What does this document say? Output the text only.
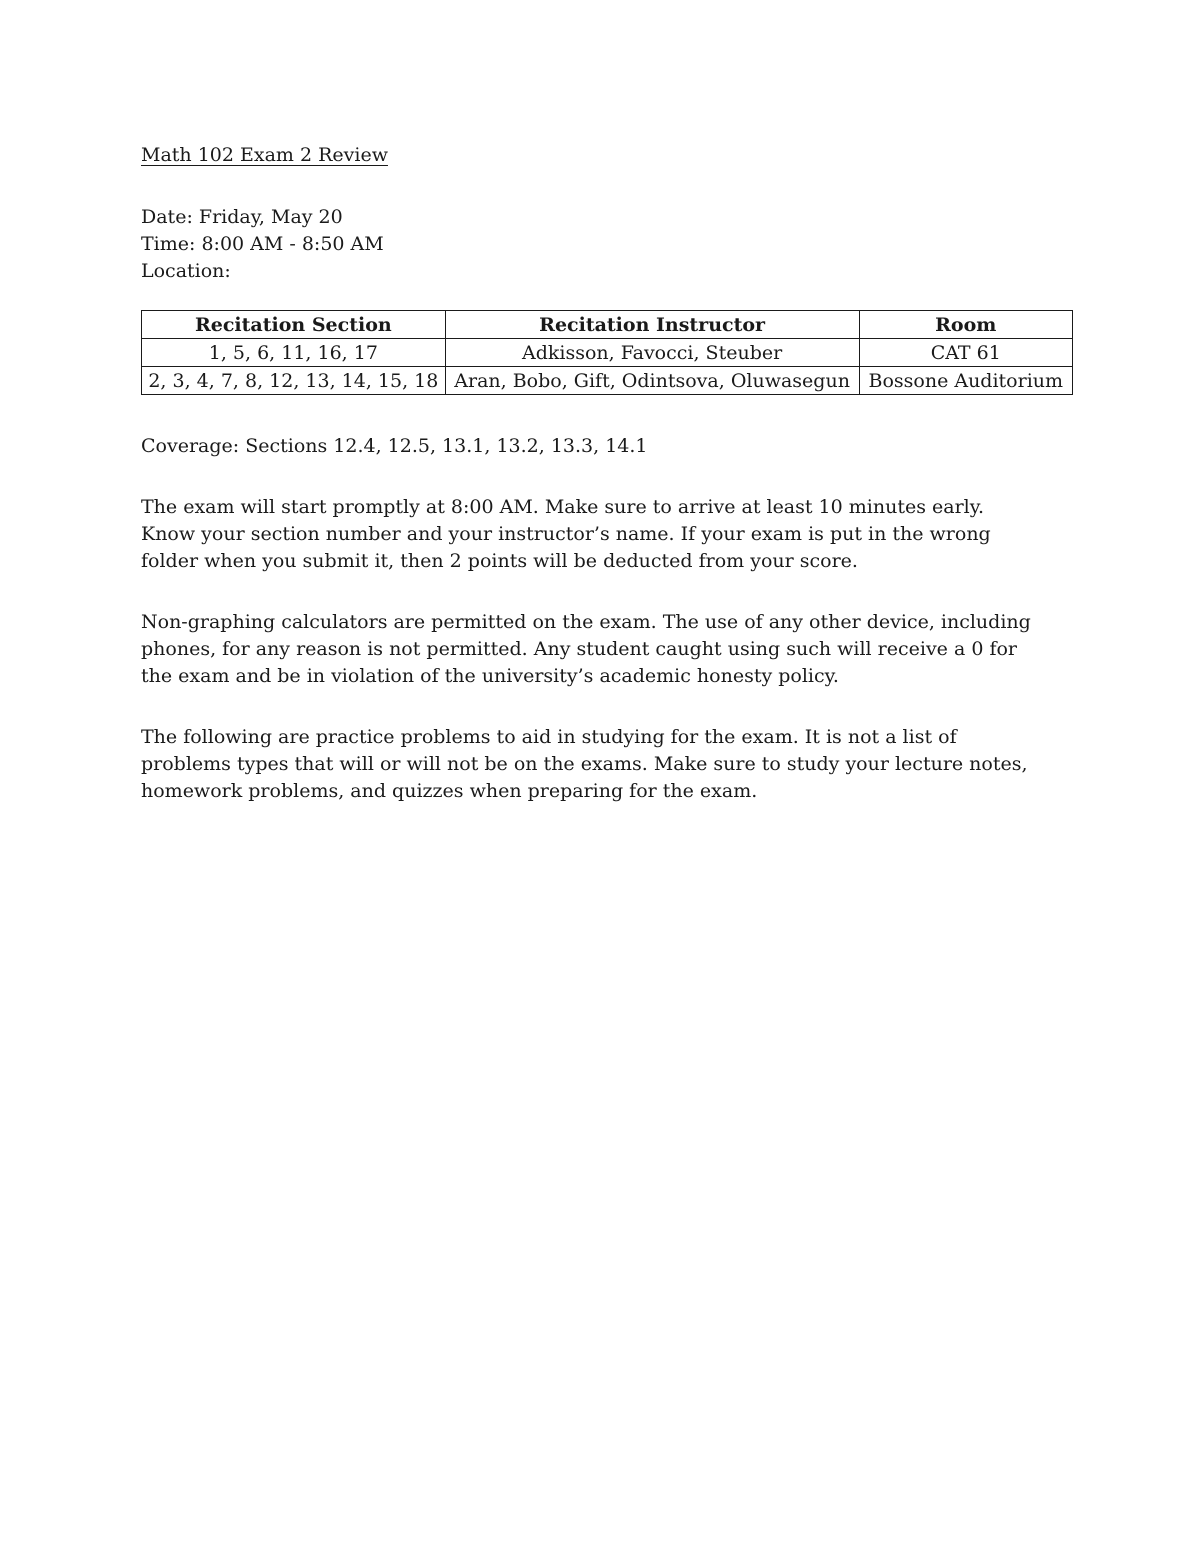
Math 102 Exam 2 Review
Date: Friday, May 20
Time: 8:00 AM - 8:50 AM
Location:
Recitation Section	Recitation Instructor	Room
1, 5, 6, 11, 16, 17	Adkisson, Favocci, Steuber	CAT 61
2, 3, 4, 7, 8, 12, 13, 14, 15, 18	Aran, Bobo, Gift, Odintsova, Oluwasegun	Bossone Auditorium

Coverage: Sections 12.4, 12.5, 13.1, 13.2, 13.3, 14.1

The exam will start promptly at 8:00 AM. Make sure to arrive at least 10 minutes early. Know your section number and your instructor’s name. If your exam is put in the wrong folder when you submit it, then 2 points will be deducted from your score.

Non-graphing calculators are permitted on the exam. The use of any other device, including phones, for any reason is not permitted. Any student caught using such will receive a 0 for the exam and be in violation of the university’s academic honesty policy.

The following are practice problems to aid in studying for the exam. It is not a list of problems types that will or will not be on the exams. Make sure to study your lecture notes, homework problems, and quizzes when preparing for the exam.
